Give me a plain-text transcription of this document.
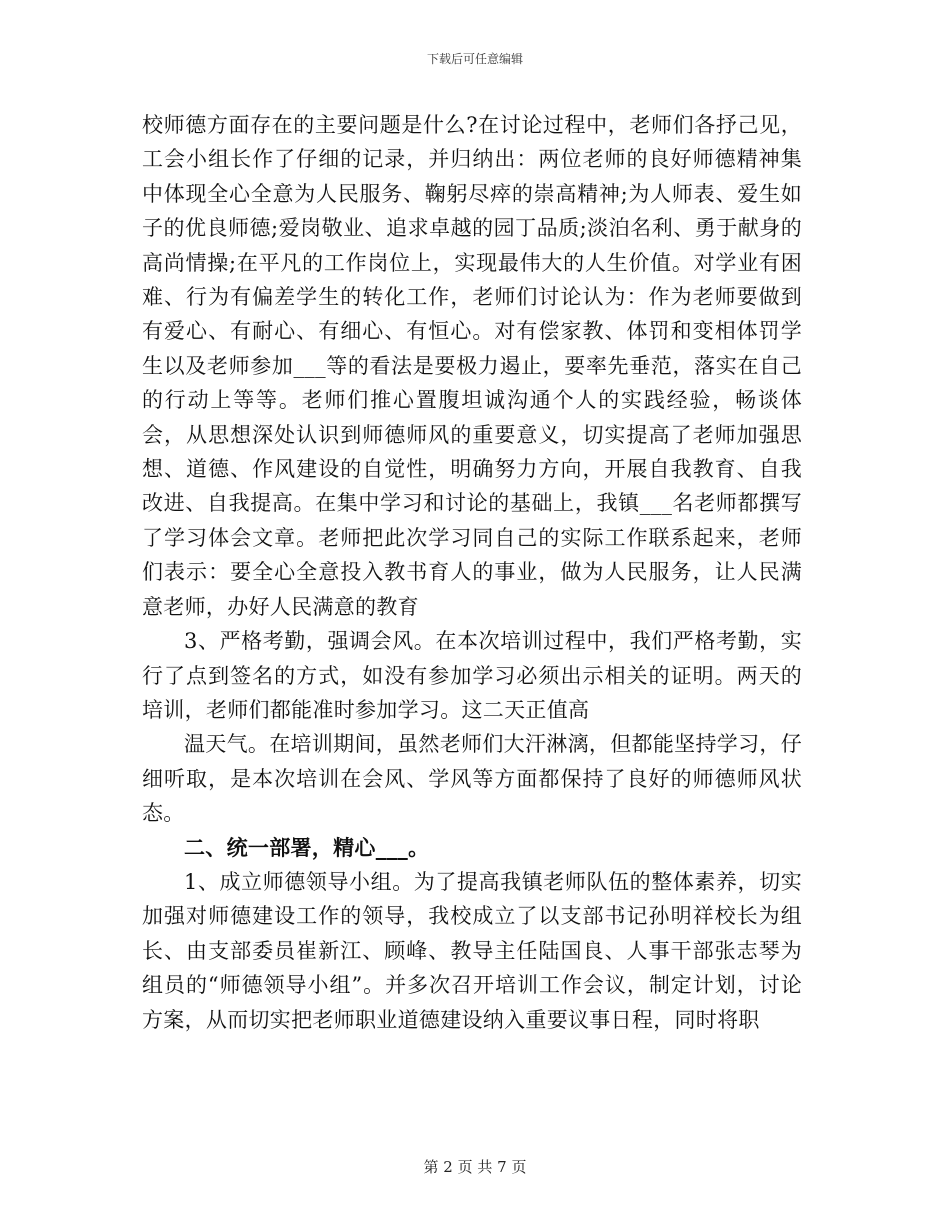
下载后可任意编辑

校师德方面存在的主要问题是什么?在讨论过程中，老师们各抒己见，工会小组长作了仔细的记录，并归纳出：两位老师的良好师德精神集中体现全心全意为人民服务、鞠躬尽瘁的崇高精神;为人师表、爱生如子的优良师德;爱岗敬业、追求卓越的园丁品质;淡泊名利、勇于献身的高尚情操;在平凡的工作岗位上，实现最伟大的人生价值。对学业有困难、行为有偏差学生的转化工作，老师们讨论认为：作为老师要做到有爱心、有耐心、有细心、有恒心。对有偿家教、体罚和变相体罚学生以及老师参加___等的看法是要极力遏止，要率先垂范，落实在自己的行动上等等。老师们推心置腹坦诚沟通个人的实践经验，畅谈体会，从思想深处认识到师德师风的重要意义，切实提高了老师加强思想、道德、作风建设的自觉性，明确努力方向，开展自我教育、自我改进、自我提高。在集中学习和讨论的基础上，我镇___名老师都撰写了学习体会文章。老师把此次学习同自己的实际工作联系起来，老师们表示：要全心全意投入教书育人的事业，做为人民服务，让人民满意老师，办好人民满意的教育

3、严格考勤，强调会风。在本次培训过程中，我们严格考勤，实行了点到签名的方式，如没有参加学习必须出示相关的证明。两天的培训，老师们都能准时参加学习。这二天正值高

温天气。在培训期间，虽然老师们大汗淋漓，但都能坚持学习，仔细听取，是本次培训在会风、学风等方面都保持了良好的师德师风状态。

二、统一部署，精心___。

1、成立师德领导小组。为了提高我镇老师队伍的整体素养，切实加强对师德建设工作的领导，我校成立了以支部书记孙明祥校长为组长、由支部委员崔新江、顾峰、教导主任陆国良、人事干部张志琴为组员的“师德领导小组”。并多次召开培训工作会议，制定计划，讨论方案，从而切实把老师职业道德建设纳入重要议事日程，同时将职

第 2 页 共 7 页
